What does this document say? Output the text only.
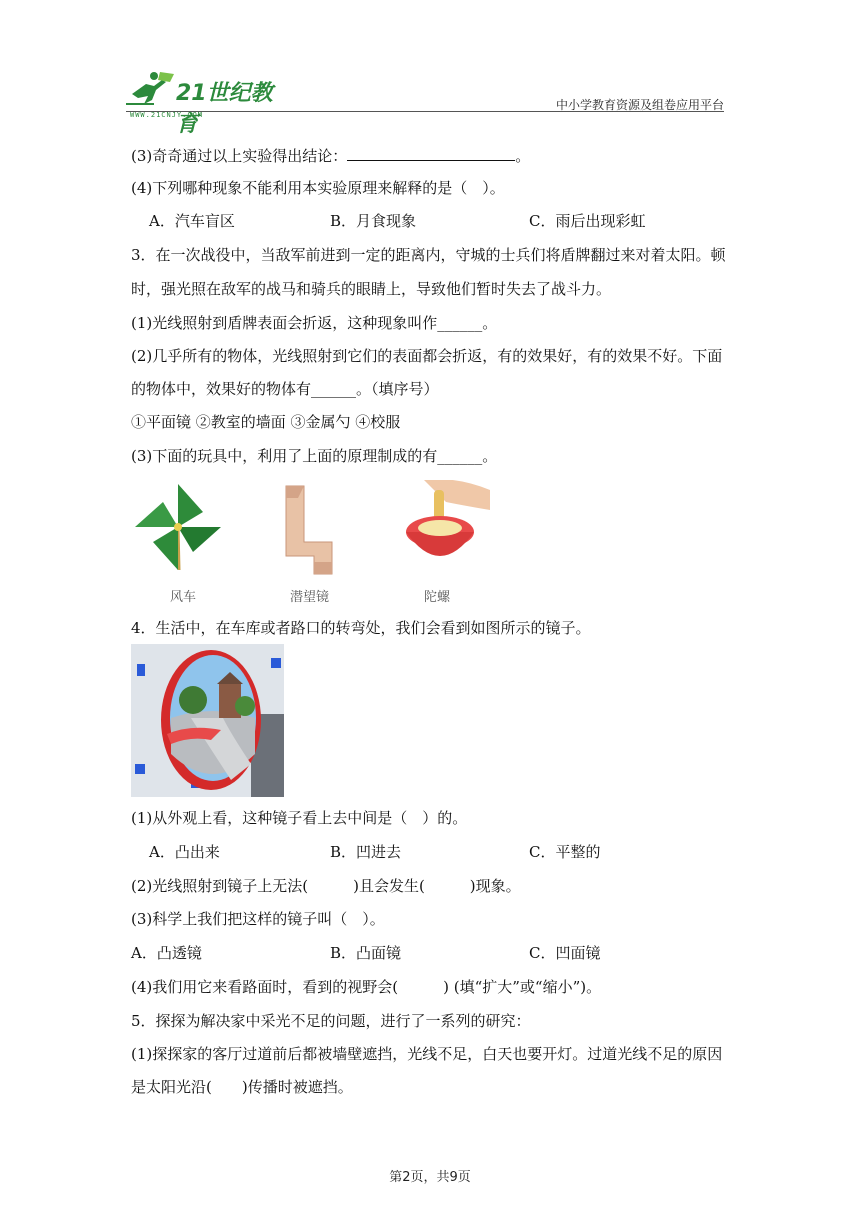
21世纪教育
WWW.21CNJY.COM
中小学教育资源及组卷应用平台
(3)奇奇通过以上实验得出结论：	。
(4)下列哪种现象不能利用本实验原理来解释的是（　）。
A．汽车盲区	B．月食现象	C．雨后出现彩虹
3．在一次战役中，当敌军前进到一定的距离内，守城的士兵们将盾牌翻过来对着太阳。顿
时，强光照在敌军的战马和骑兵的眼睛上，导致他们暂时失去了战斗力。
(1)光线照射到盾牌表面会折返，这种现象叫作______。
(2)几乎所有的物体，光线照射到它们的表面都会折返，有的效果好，有的效果不好。下面
的物体中，效果好的物体有______。（填序号）
①平面镜 ②教室的墙面 ③金属勺 ④校服
(3)下面的玩具中，利用了上面的原理制成的有______。
风车	潜望镜	陀螺
4．生活中，在车库或者路口的转弯处，我们会看到如图所示的镜子。
(1)从外观上看，这种镜子看上去中间是（　）的。
A．凸出来	B．凹进去	C．平整的
(2)光线照射到镜子上无法(　　　)且会发生(　　　)现象。
(3)科学上我们把这样的镜子叫（　）。
A．凸透镜	B．凸面镜	C．凹面镜
(4)我们用它来看路面时，看到的视野会(　　　) (填“扩大”或“缩小”)。
5．探探为解决家中采光不足的问题，进行了一系列的研究：
(1)探探家的客厅过道前后都被墙壁遮挡，光线不足，白天也要开灯。过道光线不足的原因
是太阳光沿(　　)传播时被遮挡。
第2页，共9页
